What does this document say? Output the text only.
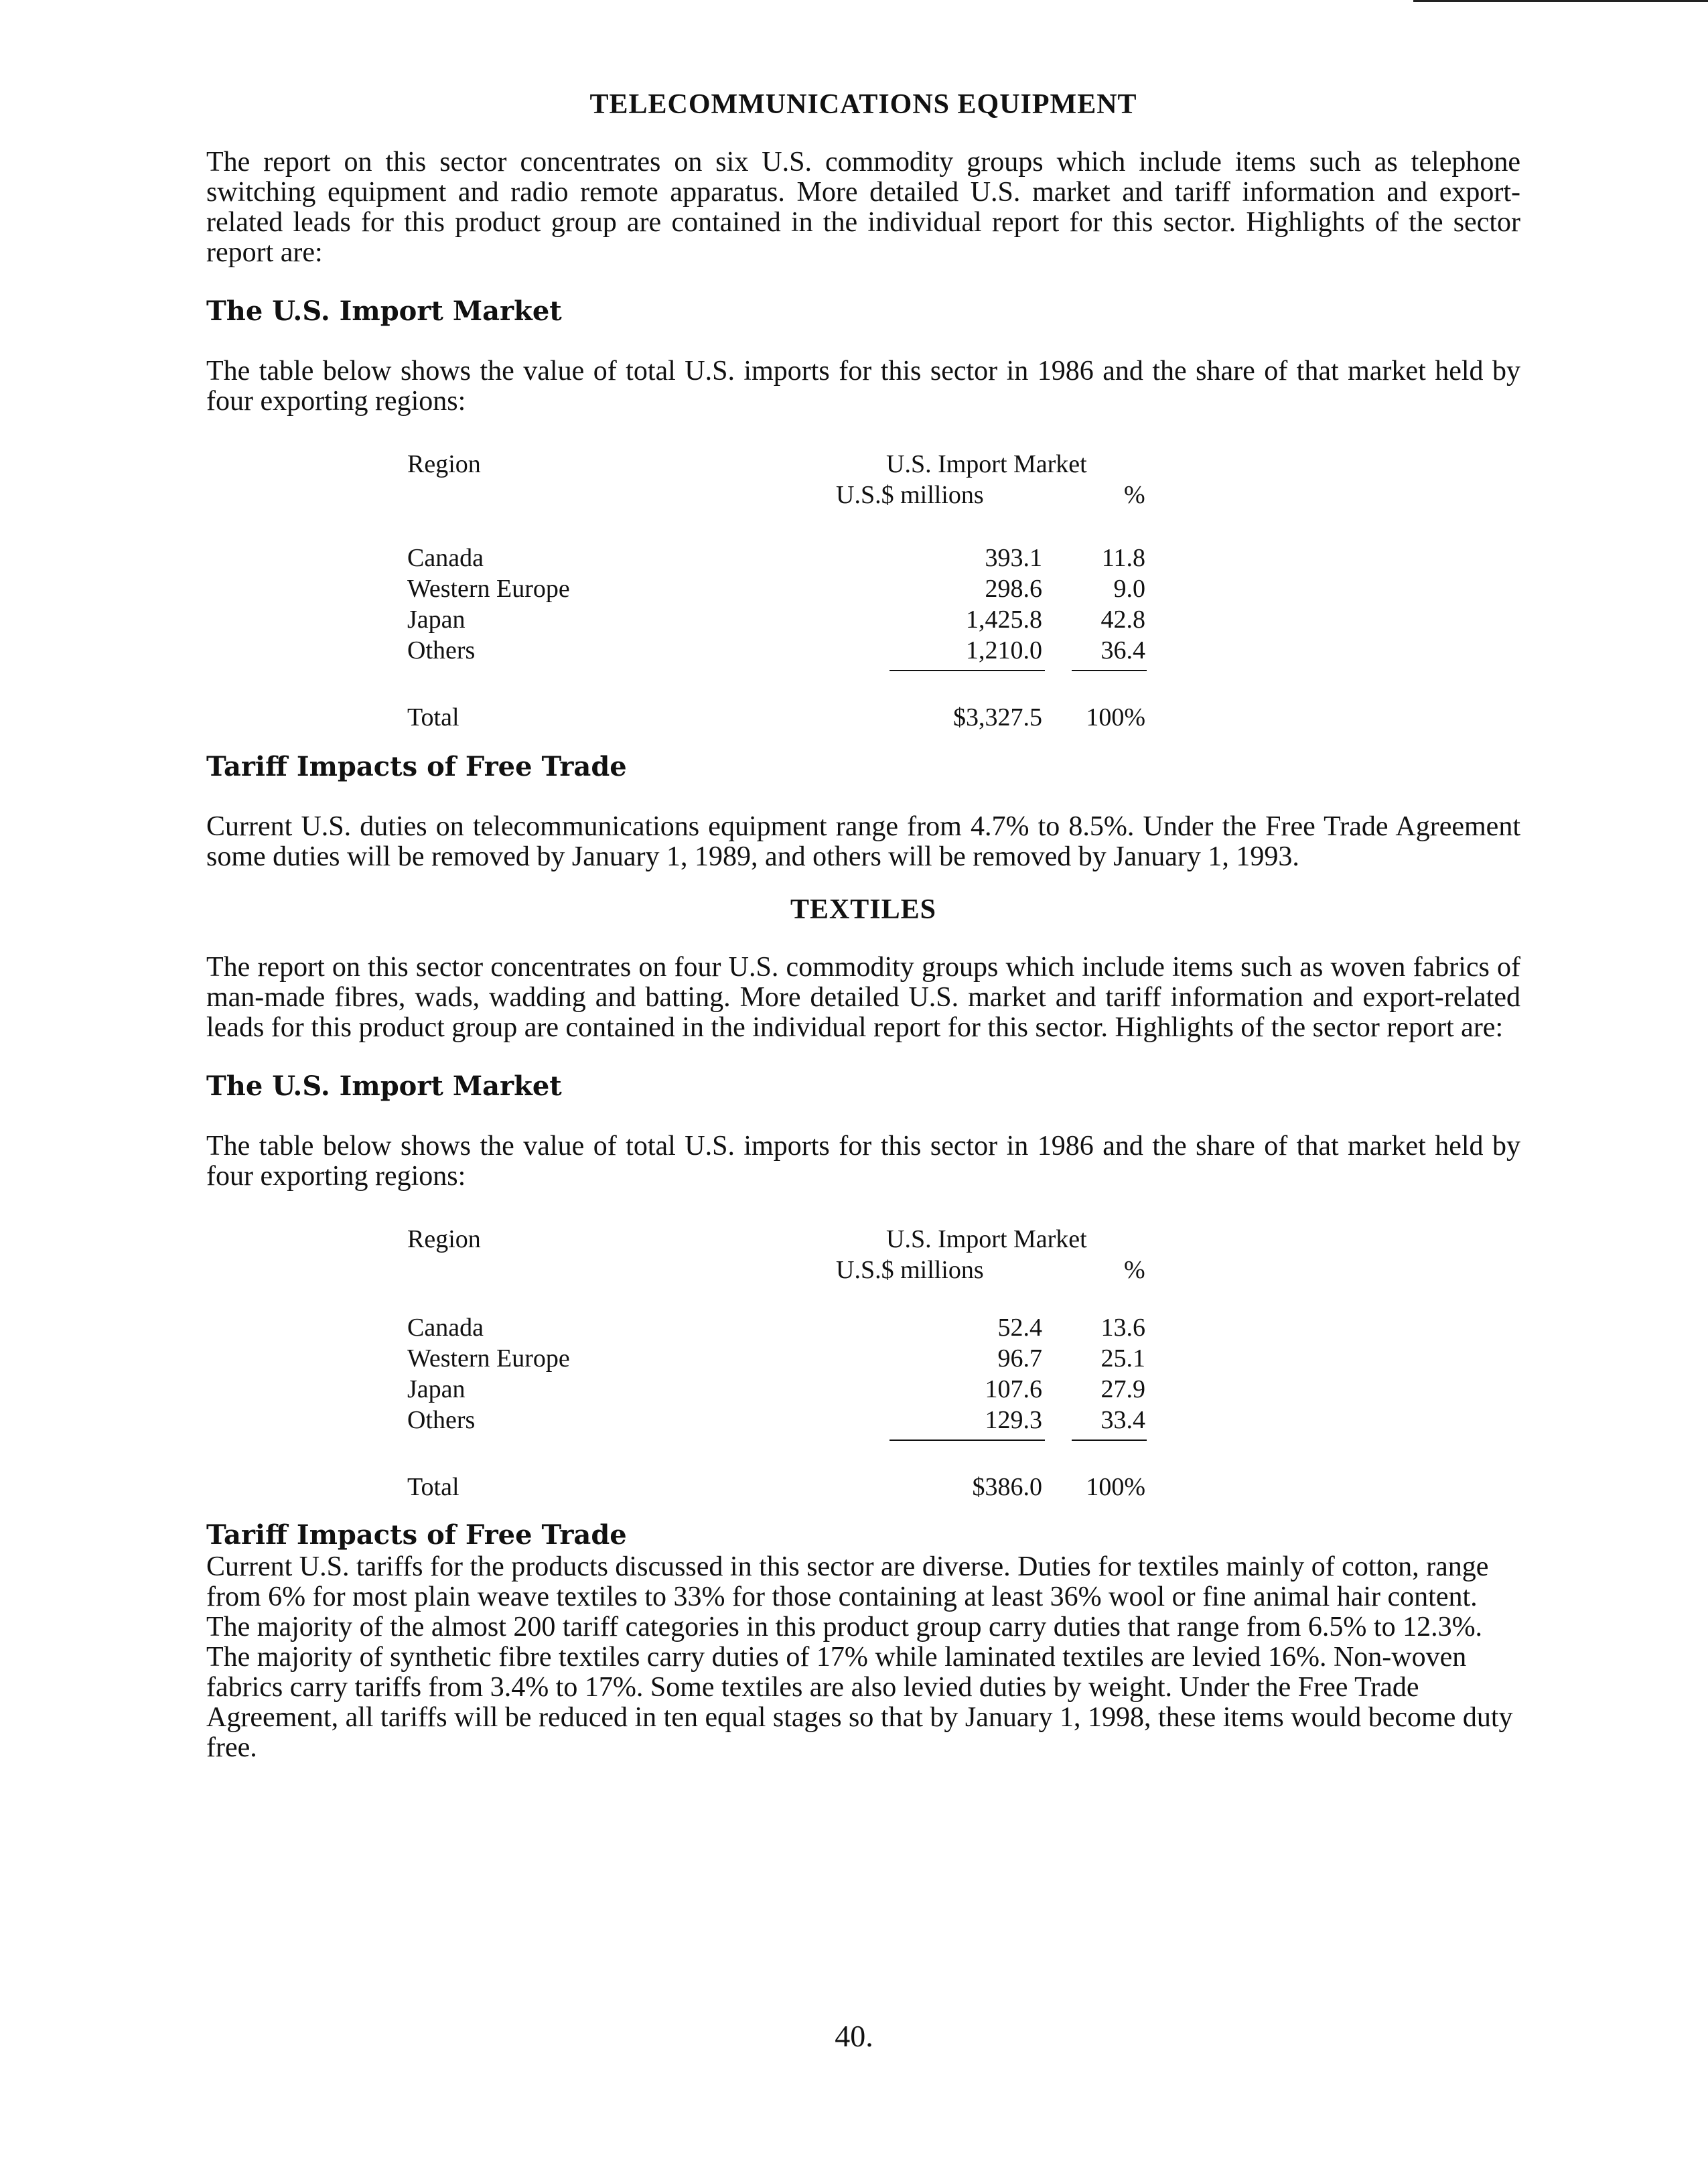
TELECOMMUNICATIONS EQUIPMENT

The report on this sector concentrates on six U.S. commodity groups which include items such as telephone switching equipment and radio remote apparatus. More detailed U.S. market and tariff information and export-related leads for this product group are contained in the individual report for this sector. Highlights of the sector report are:

The U.S. Import Market

The table below shows the value of total U.S. imports for this sector in 1986 and the share of that market held by four exporting regions:

Region	U.S. Import Market
U.S.$ millions	%
Canada	393.1	11.8
Western Europe	298.6	9.0
Japan	1,425.8	42.8
Others	1,210.0	36.4
Total	$3,327.5	100%
Tariff Impacts of Free Trade

Current U.S. duties on telecommunications equipment range from 4.7% to 8.5%. Under the Free Trade Agreement some duties will be removed by January 1, 1989, and others will be removed by January 1, 1993.

TEXTILES

The report on this sector concentrates on four U.S. commodity groups which include items such as woven fabrics of man-made fibres, wads, wadding and batting. More detailed U.S. market and tariff information and export-related leads for this product group are contained in the individual report for this sector. Highlights of the sector report are:

The U.S. Import Market

The table below shows the value of total U.S. imports for this sector in 1986 and the share of that market held by four exporting regions:

Region	U.S. Import Market
U.S.$ millions	%
Canada	52.4	13.6
Western Europe	96.7	25.1
Japan	107.6	27.9
Others	129.3	33.4
Total	$386.0	100%
Tariff Impacts of Free Trade

Current U.S. tariffs for the products discussed in this sector are diverse. Duties for textiles mainly of cotton, range from 6% for most plain weave textiles to 33% for those containing at least 36% wool or fine animal hair content. The majority of the almost 200 tariff categories in this product group carry duties that range from 6.5% to 12.3%. The majority of synthetic fibre textiles carry duties of 17% while laminated textiles are levied 16%. Non-woven fabrics carry tariffs from 3.4% to 17%. Some textiles are also levied duties by weight. Under the Free Trade Agreement, all tariffs will be reduced in ten equal stages so that by January 1, 1998, these items would become duty free.

40.
